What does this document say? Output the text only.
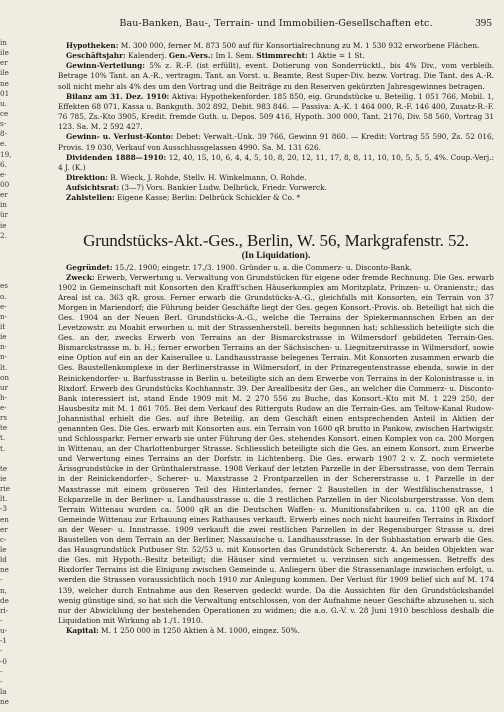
in
ile
er
ile
ne
01
u.
ce
s-
8-
e.
19,
6.
e-
00
er
in
ür
ie
2.
es
o.
e-
n-
it
ie
n-
n-
lt.
on
ur
h-
e-
rs
te
t.
t.
te
ie
rie
lt.
-3
en
er
c-
le
ld
ne
-
n,
de
ri-
-
u-
-1
-
-0
-
-
la
ne
Bau-Banken, Bau-, Terrain- und Immobilien-Gesellschaften etc.	395

Hypotheken: M. 300 000, ferner M. 873 500 auf für Konsortialrechnung zu M. 1 530 932 erworbene Flächen.

Geschäftsjahr: Kalenderj. Gen.-Vers.: Im I. Sem. Stimmrecht: 1 Aktie = 1 St.

Gewinn-Verteilung: 5% z. R.-F. (ist erfüllt), event. Dotierung von Sonderrücktl., bis 4% Div., vom verbleib. Betrage 10% Tant. an A.-R., vertragm. Tant. an Vorst. u. Beamte, Rest Super-Div. bezw. Vortrag. Die Tant. des A.-R. soll nicht mehr als 4% des um den Vortrag und die Beiträge zu den Reserven gekürzten Jahresgewinnes betragen.

Bilanz am 31. Dez. 1910: Aktiva: Hypothekenforder. 185 850, eig. Grundstücke u. Beteilig. 1 051 766, Mobil. 1, Effekten 68 071, Kassa u. Bankguth. 302 892, Debit. 983 846. — Passiva: A.-K. 1 464 000, R.-F. 146 400, Zusatz-R.-F. 76 785, Zs.-Kto 3905, Kredit. fremde Guth. u. Depos. 509 416, Hypoth. 300 000, Tant. 2176, Div. 58 560, Vortrag 31 123. Sa. M. 2 592 427.

Gewinn- u. Verlust-Konto: Debet: Verwalt.-Unk. 39 766, Gewinn 91 860. — Kredit: Vortrag 55 590, Zs. 52 016, Provis. 19 030, Verkauf von Ausschlussgelassen 4990. Sa. M. 131 626.

Dividenden 1888—1910: 12, 40, 15, 10, 6, 4, 4, 5, 10, 8, 20, 12, 11, 17, 8, 8, 11, 10, 10, 5, 5, 5, 4%. Coup.-Verj.: 4 J. (K.)

Direktion: B. Wieck, J. Rohde, Stellv. H. Winkelmann, O. Rohde.

Aufsichtsrat: (3—7) Vors. Bankier Ludw. Delbrück, Friedr. Vorwerck.

Zahlstellen: Eigene Kasse; Berlin: Delbrück Schickler & Co. *

Grundstücks-Akt.-Ges., Berlin, W. 56, Markgrafenstr. 52.
(In Liquidation).

Gegründet: 15./2. 1900; eingetr. 17./3. 1900. Gründer u. a. die Commerz- u. Disconto-Bank.

Zweck: Erwerb, Verwertung u. Verwaltung von Grundstücken für eigene oder fremde Rechnung. Die Ges. erwarb 1902 in Gemeinschaft mit Konsorten den Krafft'schen Häuserkomplex am Moritzplatz, Prinzen- u. Oranienstr.; das Areal ist ca. 363 qR. gross. Ferner erwarb die Grundstücks-A.-G., gleichfalls mit Konsorten, ein Terrain von 37 Morgen in Mariendorf; die Führung beider Geschäfte liegt der Ges. gegen Konsort.-Provis. ob. Beteiligt hat sich die Ges. 1904 an der Neuen Berl. Grundstücks-A.-G., welche die Terrains der Spiekermannschen Erben an der Levetzowstr. zu Moabit erworben u. mit der Strassenherstell. bereits begonnen hat; schliesslich beteiligte sich die Ges. an der, zwecks Erwerb von Terrains an der Bismarckstrasse in Wilmersdorf gebildeten Terrain-Ges. Bismarckstrasse m. b. H.; ferner erworben Terrains an der Sächsischen- u. Liegnitzerstrasse in Wilmersdorf, sowie eine Option auf ein an der Kaiserallee u. Landhausstrasse belegenes Terrain. Mit Konsorten zusammen erwarb die Ges. Baustellenkomplexe in der Berlinerstrasse in Wilmersdorf, in der Prinzregentenstrasse ebenda, sowie in der Reinickendorfer- u. Barfusstrasse in Berlin u. beteiligte sich an dem Erwerbe von Terrains in der Kolonistrasse u. in Rixdorf. Erwerb des Grundstücks Kochhannstr. 39. Der Areallbesitz der Ges., an welcher die Commerz- u. Disconto-Bank interessiert ist, stand Ende 1909 mit M. 2 270 556 zu Buche, das Konsort.-Kto mit M. 1 229 250, der Hausbesitz mit M. 1 861 705. Bei dem Verkauf des Ritterguts Rudow an die Terrain-Ges. am Teltow-Kanal Rudow-Johannisthal erhielt die Ges. auf ihre Beteilig. an dem Geschäft einen entsprechenden Anteil in Aktien der genannten Ges. Die Ges. erwarb mit Konsorten aus. ein Terrain von 1600 qR brutto in Pankow, zwischen Hartwigstr. und Schlossparkr. Ferner erwarb sie unter Führung der Ges. stehendes Konsort. einen Komplex von ca. 200 Morgen in Wittenau, an der Charlottenburger Strasse. Schliesslich beteiligte sich die Ges. an einem Konsort. zum Erwerbe und Verwertung eines Terrains an der Dorfstr. in Lichtenberg. Die Ges. erwarb 1907 2 v. Z. noch vermietete Ärissgrundstücke in der Grünthalerstrasse. 1908 Verkauf der letzten Parzelle in der Ebersstrasse, von dem Terrain in der Reinickendorfer-, Scherer- u. Maxstrasse 2 Frontparzellen in der Schererstrasse u. 1 Parzelle in der Maxstrasse mit einem grösseren Teil des Hinterlandes, ferner 2 Baustellen in der Westfälischenstrasse, 1 Eckparzelle in der Berliner- u. Landhausstrasse u. die 3 restlichen Parzellen in der Nicolsburgerstrasse. Von dem Terrain Wittenau wurden ca. 5000 qR an die Deutschen Waffen- u. Munitionsfabriken u. ca. 1100 qR an die Gemeinde Wittenau zur Erbauung eines Rathauses verkauft. Erwerb eines noch nicht baureifen Terrains in Rixdorf an der Weser- u. Innstrasse. 1909 verkauft die zwei restlichen Parzellen in der Regensburger Strasse u. drei Baustellen von dem Terrain an der Berliner, Nassauische u. Landhausstrasse. In der Subhastation erwarb die Ges. das Hausgrundstück Putbuser Str. 52/53 u. mit Konsorten das Grundstück Schererstr. 4. An beiden Objekten war die Ges. mit Hypoth.-Besitz beteiligt; die Häuser sind vermietet u. verzinsen sich angemessen. Betreffs des Rixdorfer Terrains ist die Einigung zwischen Gemeinde u. Anliegern über die Strassenanlage inzwischen erfolgt, u. werden die Strassen voraussichtlich noch 1910 zur Anlegung kommen. Der Verlust für 1909 belief sich auf M. 174 139, welcher durch Entnahme aus den Reserven gedeckt wurde. Da die Aussichten für den Grundstückshandel wenig günstige sind, so hat sich die Verwaltung entschlossen, von der Aufnahme neuer Geschäfte abzusehen u. sich nur der Abwicklung der bestehenden Operationen zu widmen; die a.o. G.-V. v. 28 Juni 1910 beschloss deshalb die Liquidation mit Wirkung ab 1./1. 1910.

Kapital: M. 1 250 000 in 1250 Aktien à M. 1000, eingez. 50%.
